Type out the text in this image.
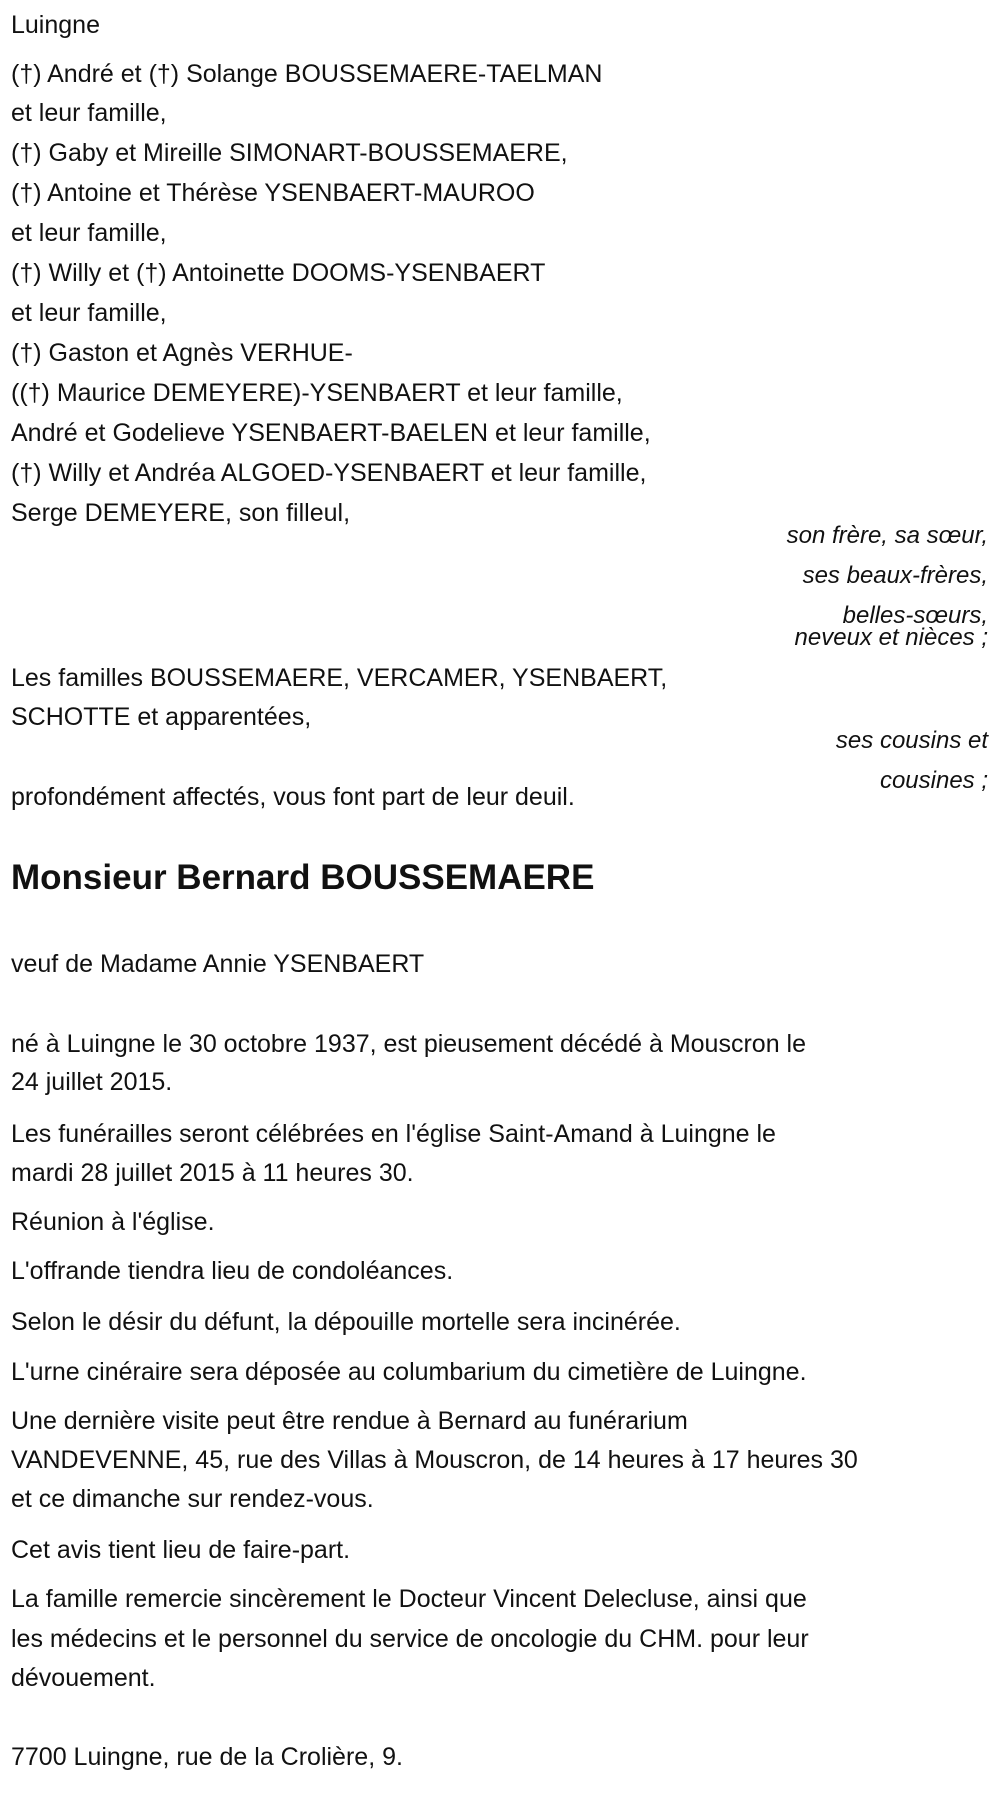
Luingne
(†) André et (†) Solange BOUSSEMAERE-TAELMAN
et leur famille,
(†) Gaby et Mireille SIMONART-BOUSSEMAERE,
(†) Antoine et Thérèse YSENBAERT-MAUROO
et leur famille,
(†) Willy et (†) Antoinette DOOMS-YSENBAERT
et leur famille,
(†) Gaston et Agnès VERHUE-
((†) Maurice DEMEYERE)-YSENBAERT et leur famille,
André et Godelieve YSENBAERT-BAELEN et leur famille,
(†) Willy et Andréa ALGOED-YSENBAERT et leur famille,
Serge DEMEYERE, son filleul,
son frère, sa sœur,
ses beaux-frères,
belles-sœurs,
neveux et nièces ;
Les familles BOUSSEMAERE, VERCAMER, YSENBAERT,
SCHOTTE et apparentées,
ses cousins et
cousines ;
profondément affectés, vous font part de leur deuil.
Monsieur Bernard BOUSSEMAERE
veuf de Madame Annie YSENBAERT
né à Luingne le 30 octobre 1937, est pieusement décédé à Mouscron le
24 juillet 2015.
Les funérailles seront célébrées en l'église Saint-Amand à Luingne le
mardi 28 juillet 2015 à 11 heures 30.
Réunion à l'église.
L'offrande tiendra lieu de condoléances.
Selon le désir du défunt, la dépouille mortelle sera incinérée.
L'urne cinéraire sera déposée au columbarium du cimetière de Luingne.
Une dernière visite peut être rendue à Bernard au funérarium
VANDEVENNE, 45, rue des Villas à Mouscron, de 14 heures à 17 heures 30
et ce dimanche sur rendez-vous.
Cet avis tient lieu de faire-part.
La famille remercie sincèrement le Docteur Vincent Delecluse, ainsi que
les médecins et le personnel du service de oncologie du CHM. pour leur
dévouement.
7700 Luingne, rue de la Crolière, 9.
